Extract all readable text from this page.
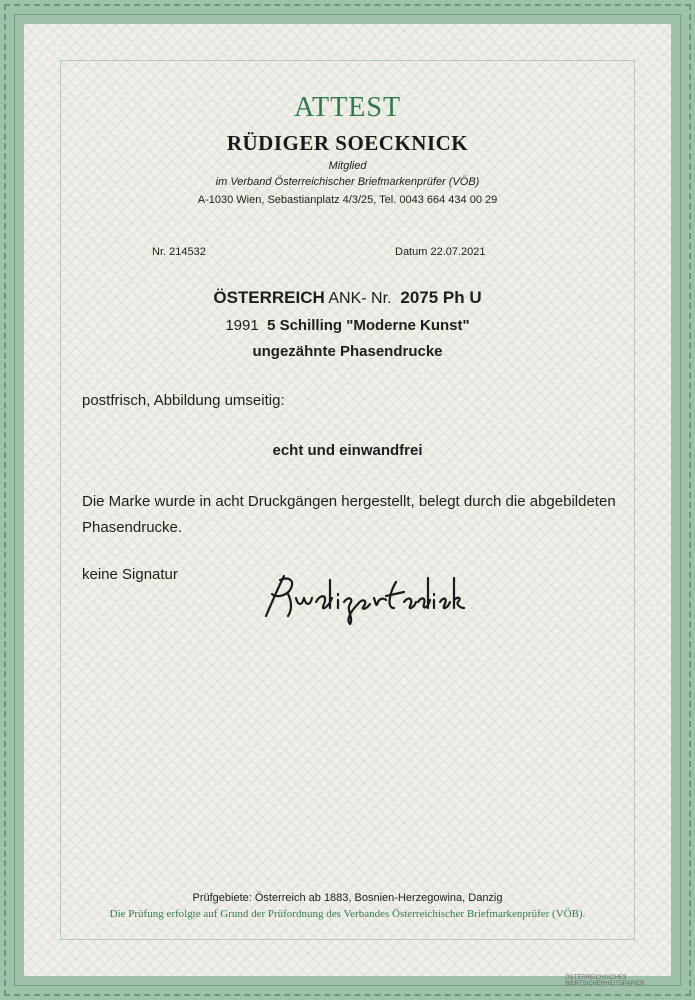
ATTEST
RÜDIGER SOECKNICK
Mitglied
im Verband Österreichischer Briefmarkenprüfer (VÖB)
A-1030 Wien, Sebastianplatz 4/3/25, Tel. 0043 664 434 00 29
Nr. 214532	Datum 22.07.2021
ÖSTERREICH ANK- Nr. 2075 Ph U
1991 5 Schilling "Moderne Kunst"
ungezähnte Phasendrucke
postfrisch, Abbildung umseitig:
echt und einwandfrei
Die Marke wurde in acht Druckgängen hergestellt, belegt durch die abgebildeten Phasendrucke.
keine Signatur
Prüfgebiete: Österreich ab 1883, Bosnien-Herzegowina, Danzig
Die Prüfung erfolgte auf Grund der Prüfordnung des Verbandes Österreichischer Briefmarkenprüfer (VÖB).
ÖSTERREICHISCHES WERTSICHERHEITSPAPIER
